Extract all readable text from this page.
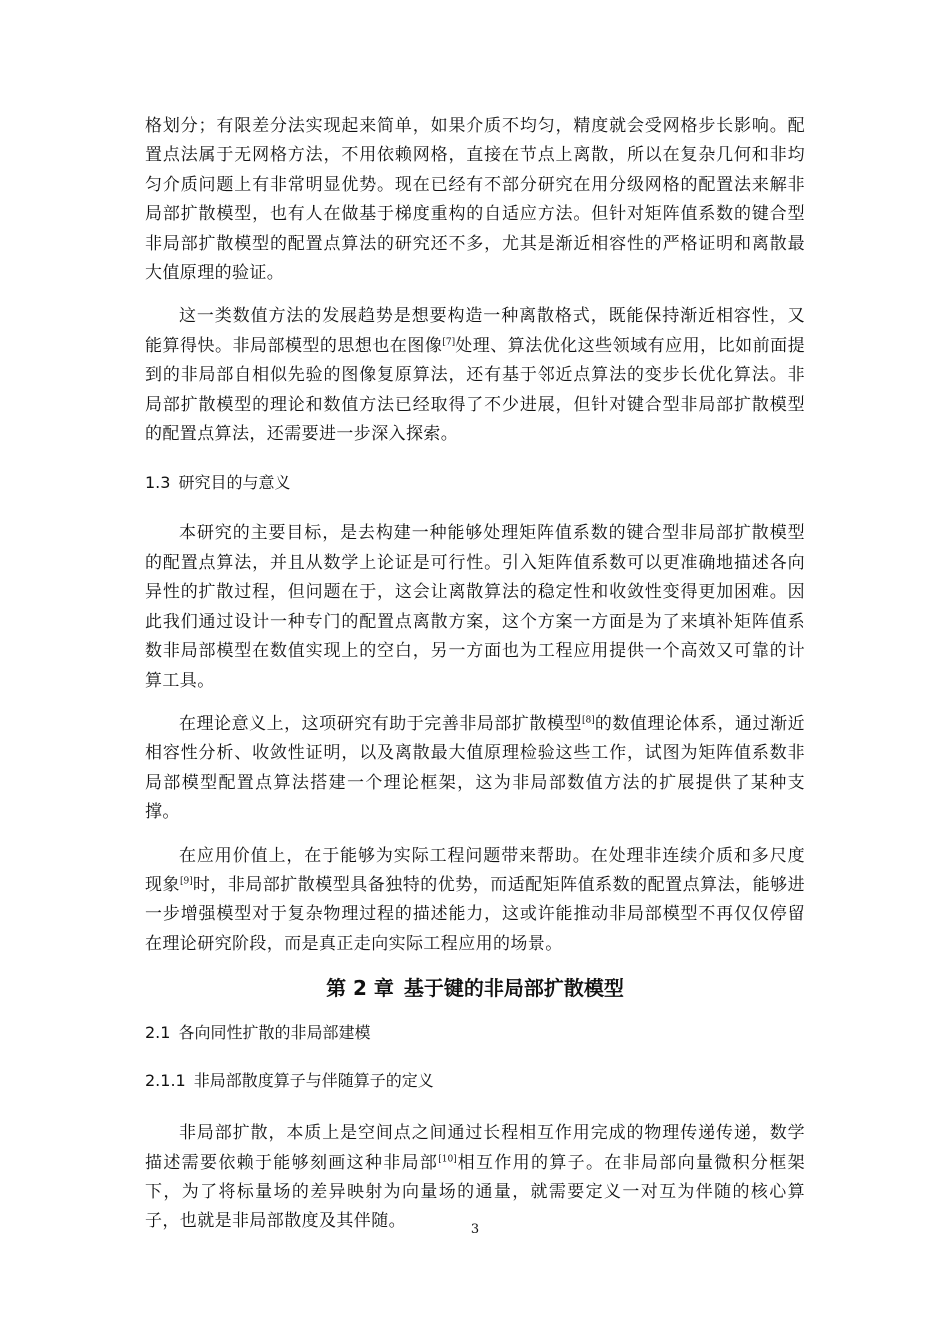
格划分；有限差分法实现起来简单，如果介质不均匀，精度就会受网格步长影响。配置点法属于无网格方法，不用依赖网格，直接在节点上离散，所以在复杂几何和非均匀介质问题上有非常明显优势。现在已经有不部分研究在用分级网格的配置法来解非局部扩散模型，也有人在做基于梯度重构的自适应方法。但针对矩阵值系数的键合型非局部扩散模型的配置点算法的研究还不多，尤其是渐近相容性的严格证明和离散最大值原理的验证。

这一类数值方法的发展趋势是想要构造一种离散格式，既能保持渐近相容性，又能算得快。非局部模型的思想也在图像[7]处理、算法优化这些领域有应用，比如前面提到的非局部自相似先验的图像复原算法，还有基于邻近点算法的变步长优化算法。非局部扩散模型的理论和数值方法已经取得了不少进展，但针对键合型非局部扩散模型的配置点算法，还需要进一步深入探索。

1.3 研究目的与意义

本研究的主要目标，是去构建一种能够处理矩阵值系数的键合型非局部扩散模型的配置点算法，并且从数学上论证是可行性。引入矩阵值系数可以更准确地描述各向异性的扩散过程，但问题在于，这会让离散算法的稳定性和收敛性变得更加困难。因此我们通过设计一种专门的配置点离散方案，这个方案一方面是为了来填补矩阵值系数非局部模型在数值实现上的空白，另一方面也为工程应用提供一个高效又可靠的计算工具。

在理论意义上，这项研究有助于完善非局部扩散模型[8]的数值理论体系，通过渐近相容性分析、收敛性证明，以及离散最大值原理检验这些工作，试图为矩阵值系数非局部模型配置点算法搭建一个理论框架，这为非局部数值方法的扩展提供了某种支撑。

在应用价值上，在于能够为实际工程问题带来帮助。在处理非连续介质和多尺度现象[9]时，非局部扩散模型具备独特的优势，而适配矩阵值系数的配置点算法，能够进一步增强模型对于复杂物理过程的描述能力，这或许能推动非局部模型不再仅仅停留在理论研究阶段，而是真正走向实际工程应用的场景。

第 2 章 基于键的非局部扩散模型
2.1 各向同性扩散的非局部建模
2.1.1 非局部散度算子与伴随算子的定义

非局部扩散，本质上是空间点之间通过长程相互作用完成的物理传递传递，数学描述需要依赖于能够刻画这种非局部[10]相互作用的算子。在非局部向量微积分框架下，为了将标量场的差异映射为向量场的通量，就需要定义一对互为伴随的核心算子，也就是非局部散度及其伴随。	3
